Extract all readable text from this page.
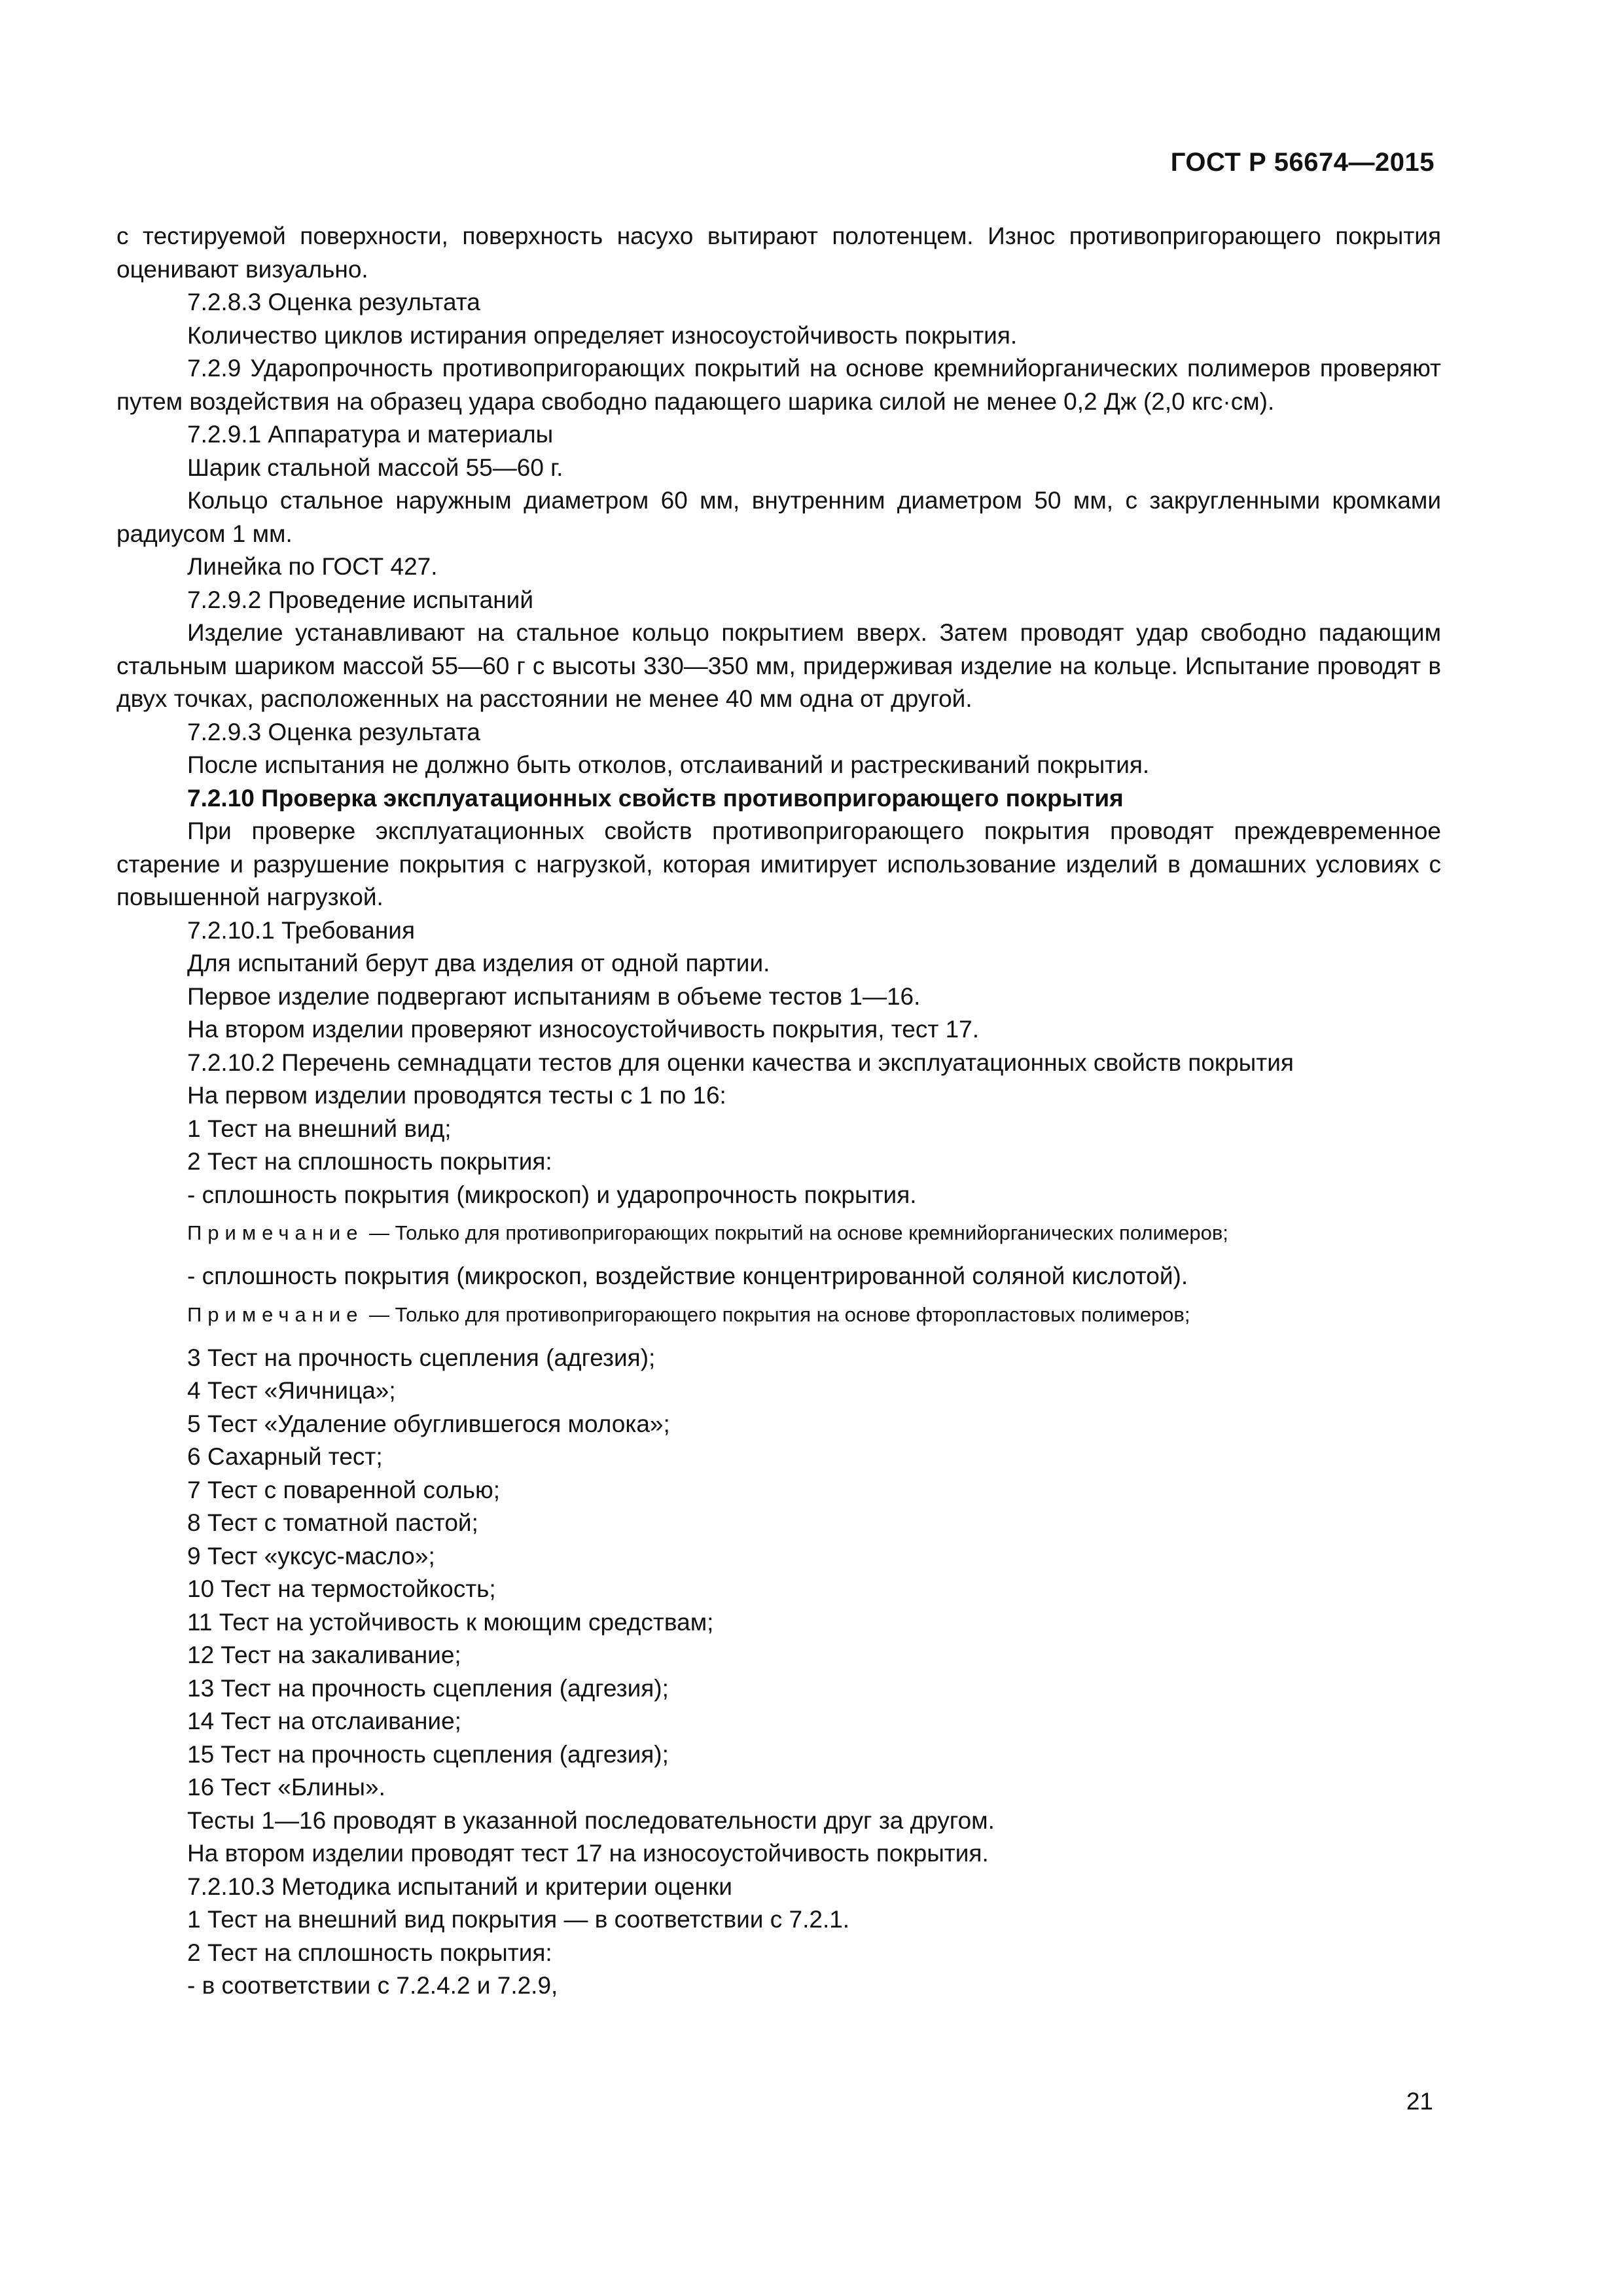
ГОСТ Р 56674—2015

с тестируемой поверхности, поверхность насухо вытирают полотенцем. Износ противопригорающего покрытия оценивают визуально.

7.2.8.3 Оценка результата

Количество циклов истирания определяет износоустойчивость покрытия.

7.2.9 Ударопрочность противопригорающих покрытий на основе кремнийорганических полимеров проверяют путем воздействия на образец удара свободно падающего шарика силой не менее 0,2 Дж (2,0 кгс·см).

7.2.9.1 Аппаратура и материалы

Шарик стальной массой 55—60 г.

Кольцо стальное наружным диаметром 60 мм, внутренним диаметром 50 мм, с закругленными кромками радиусом 1 мм.

Линейка по ГОСТ 427.

7.2.9.2 Проведение испытаний

Изделие устанавливают на стальное кольцо покрытием вверх. Затем проводят удар свободно падающим стальным шариком массой 55—60 г с высоты 330—350 мм, придерживая изделие на кольце. Испытание проводят в двух точках, расположенных на расстоянии не менее 40 мм одна от другой.

7.2.9.3 Оценка результата

После испытания не должно быть отколов, отслаиваний и растрескиваний покрытия.

7.2.10 Проверка эксплуатационных свойств противопригорающего покрытия

При проверке эксплуатационных свойств противопригорающего покрытия проводят преждевременное старение и разрушение покрытия с нагрузкой, которая имитирует использование изделий в домашних условиях с повышенной нагрузкой.

7.2.10.1 Требования

Для испытаний берут два изделия от одной партии.

Первое изделие подвергают испытаниям в объеме тестов 1—16.

На втором изделии проверяют износоустойчивость покрытия, тест 17.

7.2.10.2 Перечень семнадцати тестов для оценки качества и эксплуатационных свойств покрытия

На первом изделии проводятся тесты с 1 по 16:

1 Тест на внешний вид;

2 Тест на сплошность покрытия:

- сплошность покрытия (микроскоп) и ударопрочность покрытия.

Примечание — Только для противопригорающих покрытий на основе кремнийорганических полимеров;

- сплошность покрытия (микроскоп, воздействие концентрированной соляной кислотой).

Примечание — Только для противопригорающего покрытия на основе фторопластовых полимеров;

3 Тест на прочность сцепления (адгезия);

4 Тест «Яичница»;

5 Тест «Удаление обуглившегося молока»;

6 Сахарный тест;

7 Тест с поваренной солью;

8 Тест с томатной пастой;

9 Тест «уксус-масло»;

10 Тест на термостойкость;

11 Тест на устойчивость к моющим средствам;

12 Тест на закаливание;

13 Тест на прочность сцепления (адгезия);

14 Тест на отслаивание;

15 Тест на прочность сцепления (адгезия);

16 Тест «Блины».

Тесты 1—16 проводят в указанной последовательности друг за другом.

На втором изделии проводят тест 17 на износоустойчивость покрытия.

7.2.10.3 Методика испытаний и критерии оценки

1 Тест на внешний вид покрытия — в соответствии с 7.2.1.

2 Тест на сплошность покрытия:

- в соответствии с 7.2.4.2 и 7.2.9,

21
